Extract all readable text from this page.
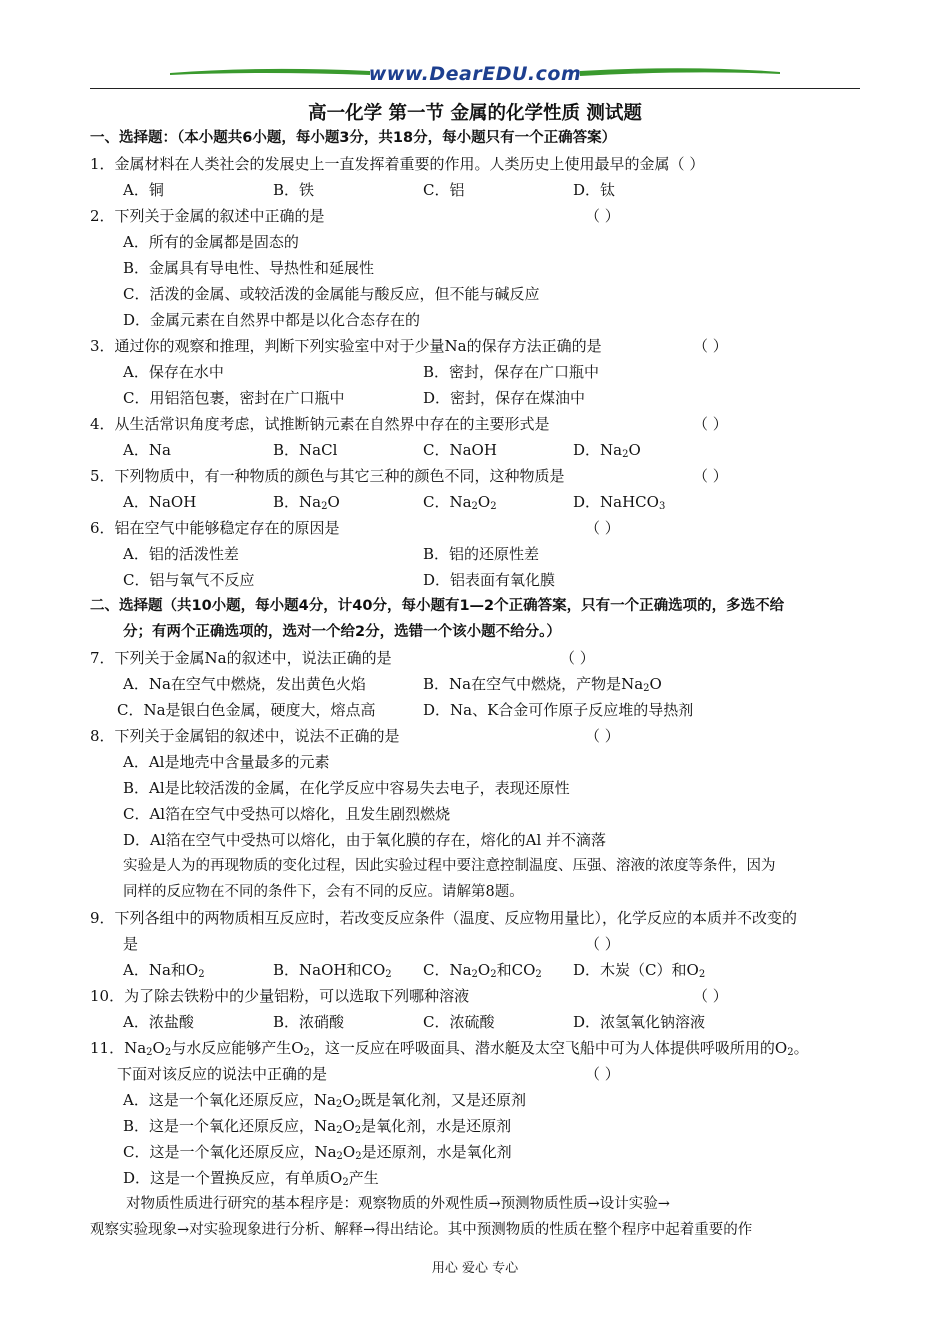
www.DearEDU.com
高一化学 第一节 金属的化学性质 测试题
一、选择题：（本小题共6小题，每小题3分，共18分，每小题只有一个正确答案）
1．金属材料在人类社会的发展史上一直发挥着重要的作用。人类历史上使用最早的金属（ ）
A．铜	B．铁	C．铝	D．钛
2．下列关于金属的叙述中正确的是	（ ）
A．所有的金属都是固态的
B．金属具有导电性、导热性和延展性
C．活泼的金属、或较活泼的金属能与酸反应，但不能与碱反应
D．金属元素在自然界中都是以化合态存在的
3．通过你的观察和推理，判断下列实验室中对于少量Na的保存方法正确的是	（ ）
A．保存在水中	B．密封，保存在广口瓶中
C．用铝箔包裹，密封在广口瓶中	D．密封，保存在煤油中
4．从生活常识角度考虑，试推断钠元素在自然界中存在的主要形式是	（ ）
A．Na	B．NaCl	C．NaOH	D．$Na_2O$
5．下列物质中，有一种物质的颜色与其它三种的颜色不同，这种物质是	（ ）
A．NaOH	B．$Na_2O$	C．$Na_2O_2$	D．NaHCO$_3$
6．铝在空气中能够稳定存在的原因是	（ ）
A．铝的活泼性差	B．铝的还原性差
C．铝与氧气不反应	D．铝表面有氧化膜
二、选择题（共10小题，每小题4分，计40分，每小题有1—2个正确答案，只有一个正确选项的，多选不给
分；有两个正确选项的，选对一个给2分，选错一个该小题不给分。）
7．下列关于金属Na的叙述中，说法正确的是	（ ）
A．Na在空气中燃烧，发出黄色火焰	B．Na在空气中燃烧，产物是$Na_2O$
C．Na是银白色金属，硬度大，熔点高	D．Na、K合金可作原子反应堆的导热剂
8．下列关于金属铝的叙述中，说法不正确的是	（ ）
A．Al是地壳中含量最多的元素
B．Al是比较活泼的金属，在化学反应中容易失去电子，表现还原性
C．Al箔在空气中受热可以熔化，且发生剧烈燃烧
D．Al箔在空气中受热可以熔化，由于氧化膜的存在，熔化的Al 并不滴落
实验是人为的再现物质的变化过程，因此实验过程中要注意控制温度、压强、溶液的浓度等条件，因为
同样的反应物在不同的条件下，会有不同的反应。请解第8题。
9．下列各组中的两物质相互反应时，若改变反应条件（温度、反应物用量比），化学反应的本质并不改变的
是	（ ）
A．Na和$O_2$	B．NaOH和$CO_2$ C．$Na_2O_2$和$CO_2$ D．木炭（C）和$O_2$
10．为了除去铁粉中的少量铝粉，可以选取下列哪种溶液	（ ）
A．浓盐酸	B．浓硝酸	C．浓硫酸	D．浓氢氧化钠溶液
11．$Na_2O_2$与水反应能够产生$O_2$，这一反应在呼吸面具、潜水艇及太空飞船中可为人体提供呼吸所用的$O_2$。
下面对该反应的说法中正确的是	（ ）
A．这是一个氧化还原反应，$Na_2O_2$既是氧化剂，又是还原剂
B．这是一个氧化还原反应，$Na_2O_2$是氧化剂，水是还原剂
C．这是一个氧化还原反应，$Na_2O_2$是还原剂，水是氧化剂
D．这是一个置换反应，有单质$O_2$产生
对物质性质进行研究的基本程序是：观察物质的外观性质→预测物质性质→设计实验→
观察实验现象→对实验现象进行分析、解释→得出结论。其中预测物质的性质在整个程序中起着重要的作
用心 爱心 专心
